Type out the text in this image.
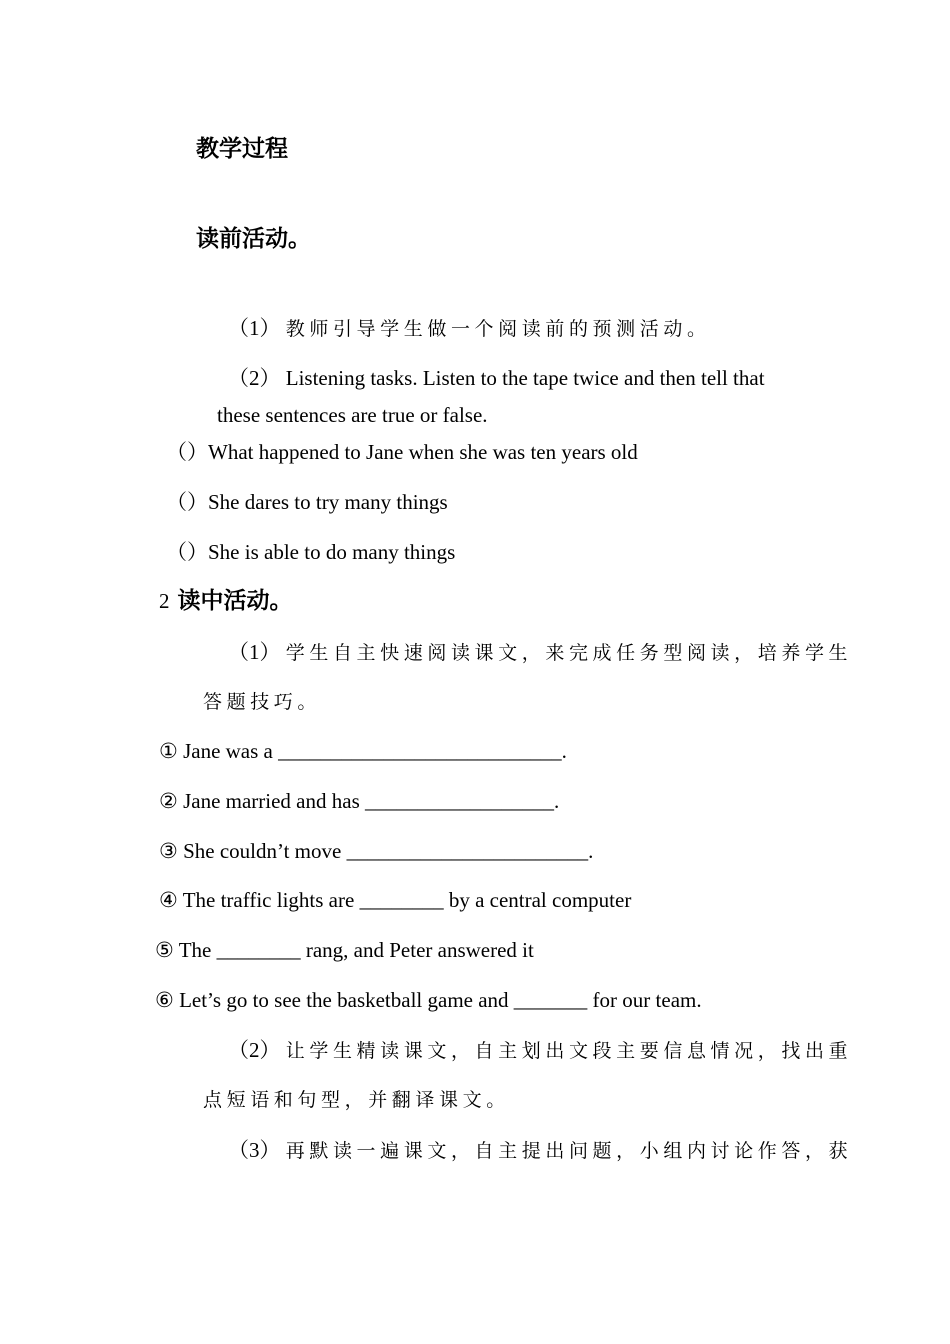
教学过程
读前活动。
（1） 教师引导学生做一个阅读前的预测活动。
（2） Listening tasks. Listen to the tape twice and then tell that
these sentences are true or false.
（）What happened to Jane when she was ten years old
（）She dares to try many things
（）She is able to do many things
2 读中活动。
（1） 学生自主快速阅读课文，来完成任务型阅读，培养学生
答题技巧。
① Jane was a ___________________________.
② Jane married and has __________________.
③ She couldn’t move _______________________.
④ The traffic lights are ________ by a central computer
⑤ The ________ rang, and Peter answered it
⑥ Let’s go to see the basketball game and _______ for our team.
（2） 让学生精读课文，自主划出文段主要信息情况，找出重
点短语和句型，并翻译课文。
（3） 再默读一遍课文，自主提出问题，小组内讨论作答，获
